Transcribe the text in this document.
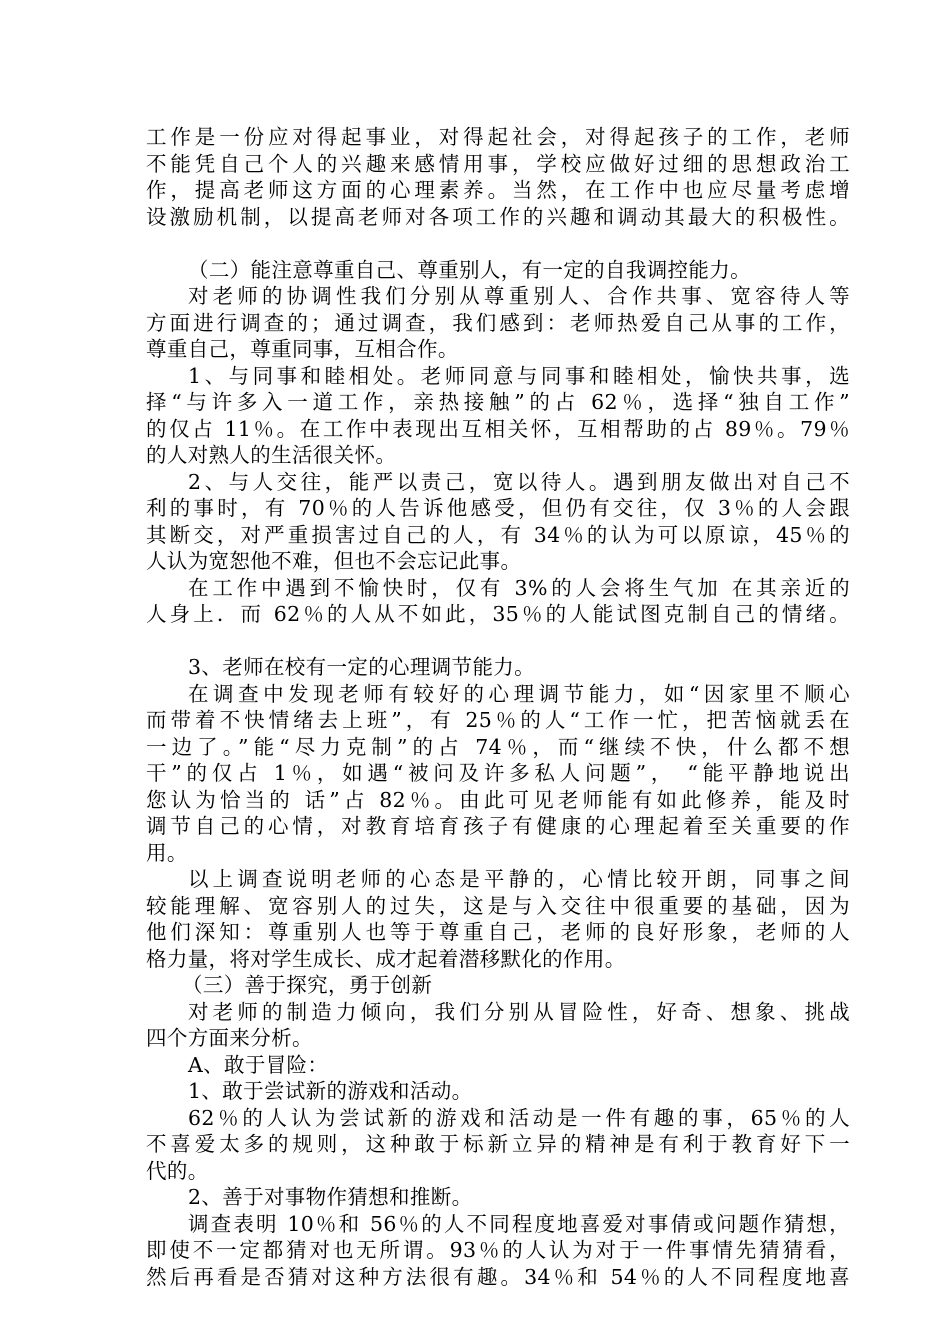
工作是一份应对得起事业，对得起社会，对得起孩子的工作，老师
不能凭自己个人的兴趣来感情用事，学校应做好过细的思想政治工
作，提高老师这方面的心理素养。当然，在工作中也应尽量考虑增
设激励机制，以提高老师对各项工作的兴趣和调动其最大的积极性。
（二）能注意尊重自己、尊重别人，有一定的自我调控能力。
对老师的协调性我们分别从尊重别人、合作共事、宽容待人等
方面进行调查的；通过调查，我们感到：老师热爱自己从事的工作，
尊重自己，尊重同事，互相合作。
1、与同事和睦相处。老师同意与同事和睦相处，愉快共事，选
择“与许多入一道工作，亲热接触”的占 62％，选择“独自工作”
的仅占 11％。在工作中表现出互相关怀，互相帮助的占 89％。79％
的人对熟人的生活很关怀。
2、与人交往，能严以责己，宽以待人。遇到朋友做出对自己不
利的事时，有 70％的人告诉他感受，但仍有交往，仅 3％的人会跟
其断交，对严重损害过自己的人，有 34％的认为可以原谅，45％的
人认为宽恕他不难，但也不会忘记此事。
在工作中遇到不愉快时，仅有 3%的人会将生气加 在其亲近的
人身上．而 62％的人从不如此，35％的人能试图克制自己的情绪。
3、老师在校有一定的心理调节能力。
在调查中发现老师有较好的心理调节能力，如“因家里不顺心
而带着不快情绪去上班”，有 25％的人“工作一忙，把苦恼就丢在
一边了。”能“尽力克制”的占 74％，而“继续不快，什么都不想
干”的仅占 1％，如遇“被问及许多私人问题”， “能平静地说出
您认为恰当的 话”占 82％。由此可见老师能有如此修养，能及时
调节自己的心情，对教育培育孩子有健康的心理起着至关重要的作
用。
以上调查说明老师的心态是平静的，心情比较开朗，同事之间
较能理解、宽容别人的过失，这是与入交往中很重要的基础，因为
他们深知：尊重别人也等于尊重自己，老师的良好形象，老师的人
格力量，将对学生成长、成才起着潜移默化的作用。
（三）善于探究，勇于创新
对老师的制造力倾向，我们分别从冒险性，好奇、想象、挑战
四个方面来分析。
A、敢于冒险：
1、敢于尝试新的游戏和活动。
62％的人认为尝试新的游戏和活动是一件有趣的事，65％的人
不喜爱太多的规则，这种敢于标新立异的精神是有利于教育好下一
代的。
2、善于对事物作猜想和推断。
调查表明 10％和 56％的人不同程度地喜爱对事倩或问题作猜想，
即使不一定都猜对也无所谓。93％的人认为对于一件事情先猜猜看，
然后再看是否猜对这种方法很有趣。34％和 54％的人不同程度地喜
